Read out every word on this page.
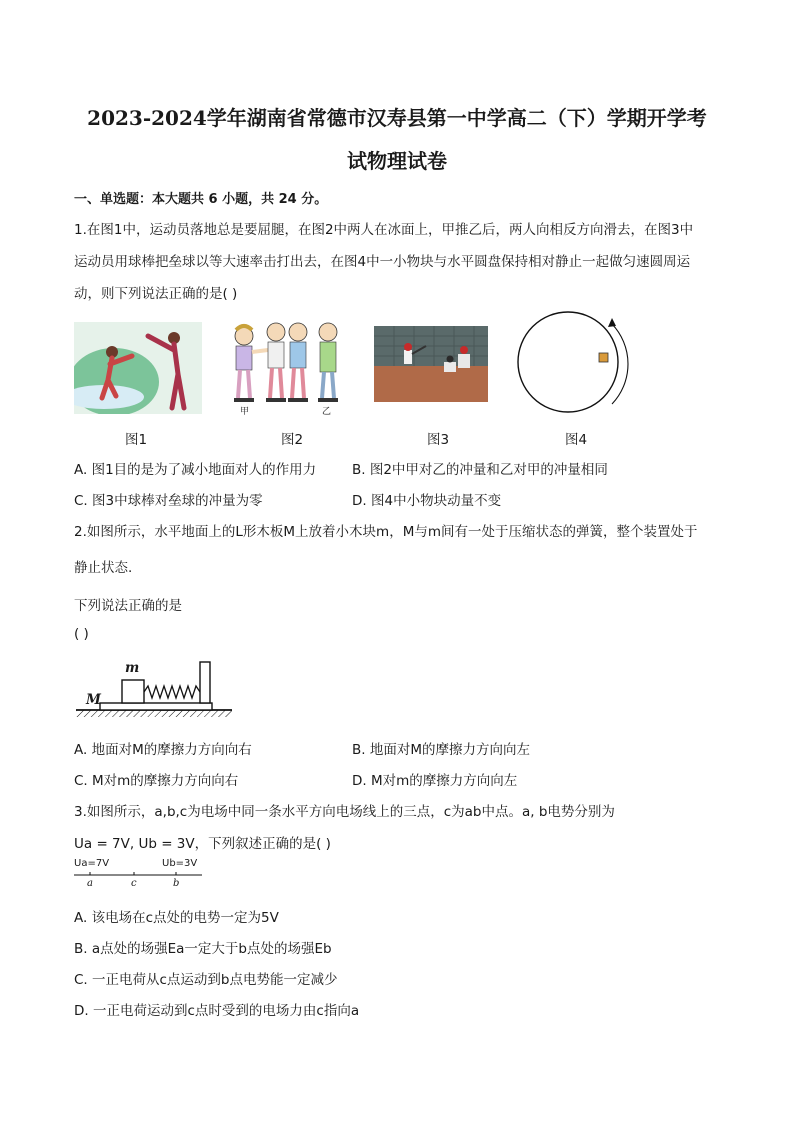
2023-2024学年湖南省常德市汉寿县第一中学高二（下）学期开学考
试物理试卷
一、单选题：本大题共 6 小题，共 24 分。
1.在图1中，运动员落地总是要屈腿，在图2中两人在冰面上，甲推乙后，两人向相反方向滑去，在图3中
运动员用球棒把垒球以等大速率击打出去，在图4中一小物块与水平圆盘保持相对静止一起做匀速圆周运
动，则下列说法正确的是( )
甲	乙
图1	图2	图3	图4
A. 图1目的是为了减小地面对人的作用力	B. 图2中甲对乙的冲量和乙对甲的冲量相同
C. 图3中球棒对垒球的冲量为零	D. 图4中小物块动量不变
2.如图所示，水平地面上的L形木板M上放着小木块m，M与m间有一处于压缩状态的弹簧，整个装置处于
静止状态.
下列说法正确的是
( )
m
M
A. 地面对M的摩擦力方向向右	B. 地面对M的摩擦力方向向左
C. M对m的摩擦力方向向右	D. M对m的摩擦力方向向左
3.如图所示，a,b,c为电场中同一条水平方向电场线上的三点，c为ab中点。a, b电势分别为
Ua = 7V, Ub = 3V，下列叙述正确的是( )
Ua=7V	Ub=3V
a	c	b
A. 该电场在c点处的电势一定为5V
B. a点处的场强Ea一定大于b点处的场强Eb
C. 一正电荷从c点运动到b点电势能一定减少
D. 一正电荷运动到c点时受到的电场力由c指向a
